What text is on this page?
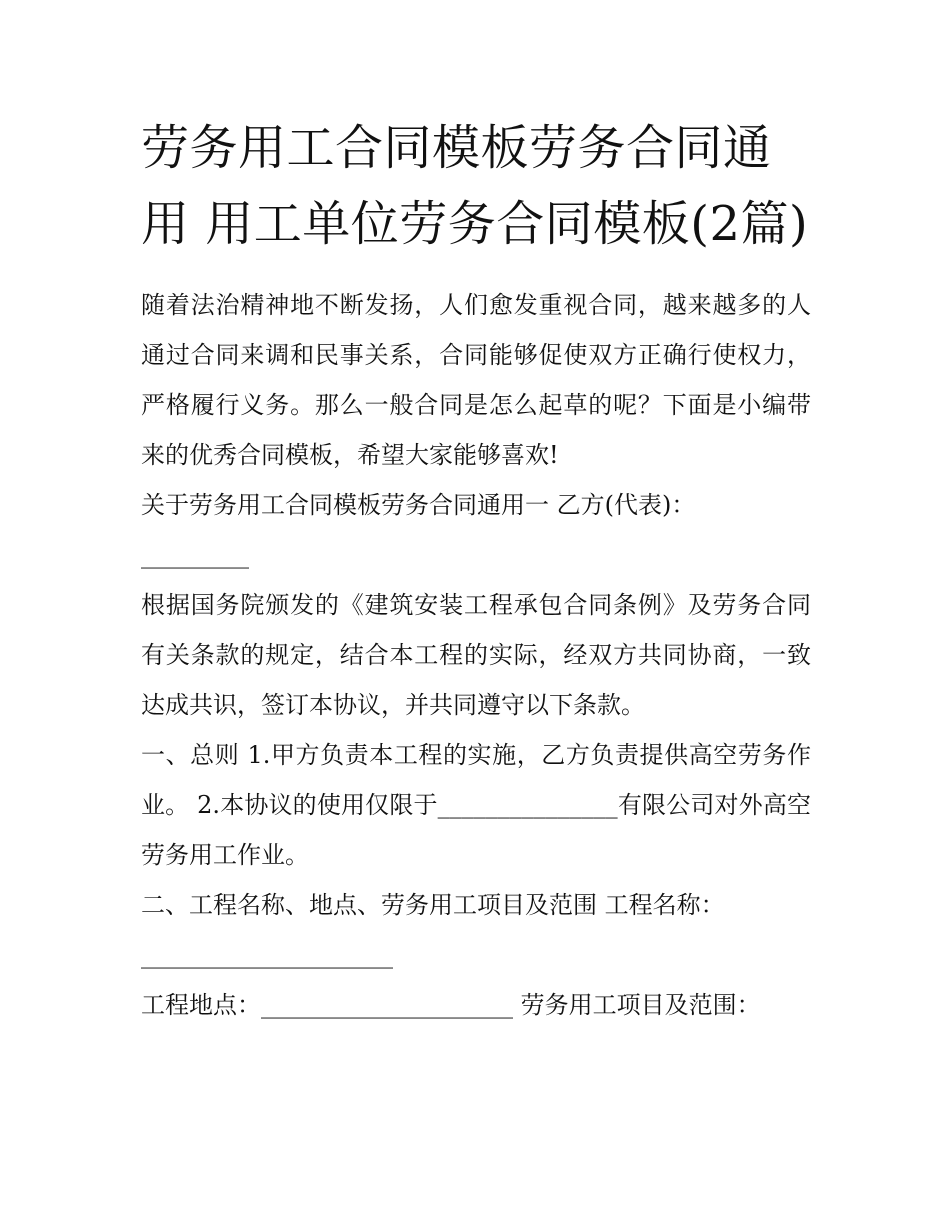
劳务用工合同模板劳务合同通用 用工单位劳务合同模板(2篇)

随着法治精神地不断发扬，人们愈发重视合同，越来越多的人通过合同来调和民事关系，合同能够促使双方正确行使权力，严格履行义务。那么一般合同是怎么起草的呢？下面是小编带来的优秀合同模板，希望大家能够喜欢!

关于劳务用工合同模板劳务合同通用一 乙方(代表)：

_________

根据国务院颁发的《建筑安装工程承包合同条例》及劳务合同有关条款的规定，结合本工程的实际，经双方共同协商，一致达成共识，签订本协议，并共同遵守以下条款。

一、总则 1.甲方负责本工程的实施，乙方负责提供高空劳务作业。 2.本协议的使用仅限于_______________有限公司对外高空劳务用工作业。

二、工程名称、地点、劳务用工项目及范围 工程名称：

_____________________

工程地点：_____________________ 劳务用工项目及范围：
